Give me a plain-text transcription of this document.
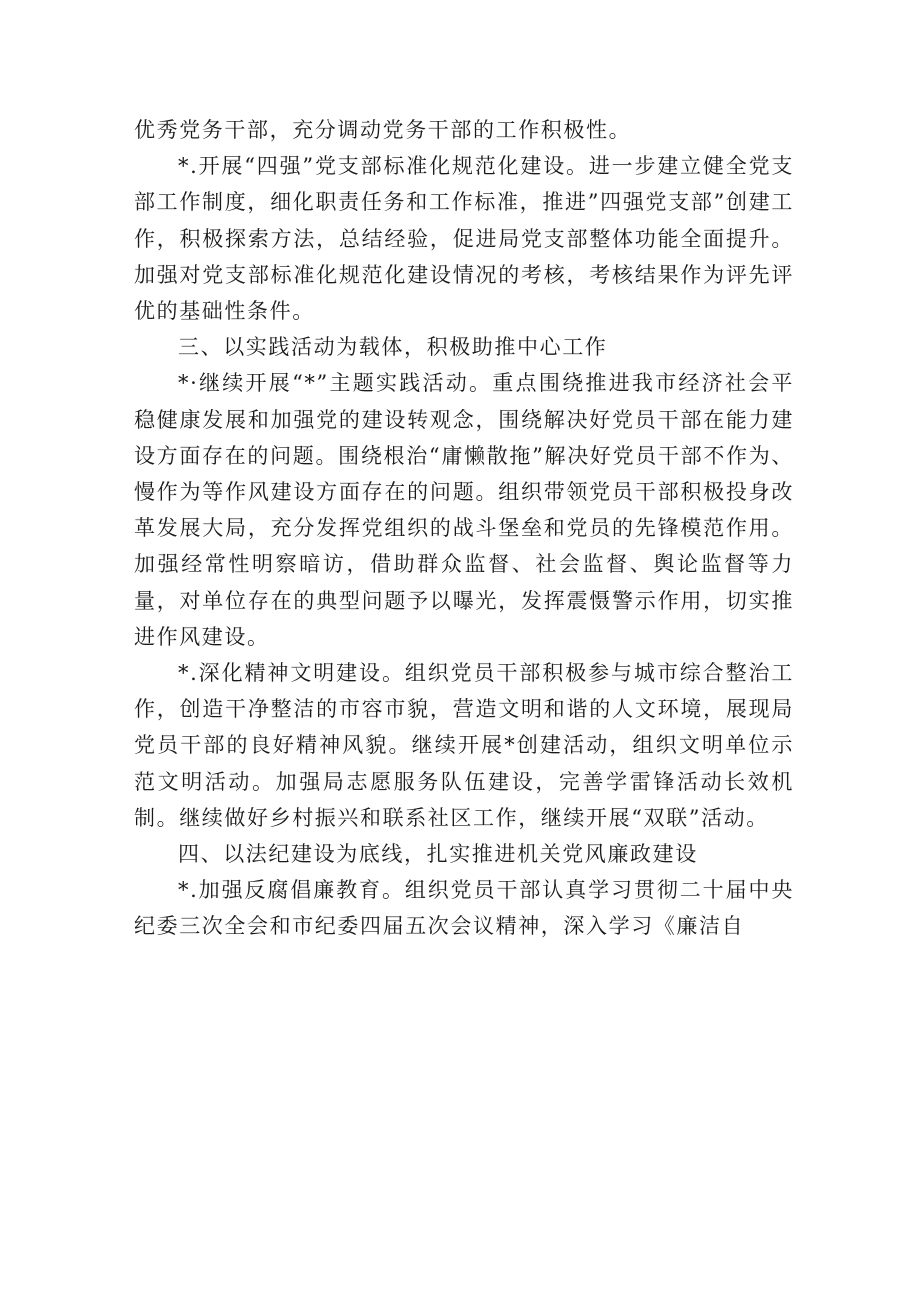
优秀党务干部，充分调动党务干部的工作积极性。

*.开展“四强”党支部标准化规范化建设。进一步建立健全党支部工作制度，细化职责任务和工作标准，推进”四强党支部”创建工作，积极探索方法，总结经验，促进局党支部整体功能全面提升。加强对党支部标准化规范化建设情况的考核，考核结果作为评先评优的基础性条件。

三、以实践活动为载体，积极助推中心工作

*·继续开展“*”主题实践活动。重点围绕推进我市经济社会平稳健康发展和加强党的建设转观念，围绕解决好党员干部在能力建设方面存在的问题。围绕根治“庸懒散拖”解决好党员干部不作为、慢作为等作风建设方面存在的问题。组织带领党员干部积极投身改革发展大局，充分发挥党组织的战斗堡垒和党员的先锋模范作用。加强经常性明察暗访，借助群众监督、社会监督、舆论监督等力量，对单位存在的典型问题予以曝光，发挥震慑警示作用，切实推进作风建设。

*.深化精神文明建设。组织党员干部积极参与城市综合整治工作，创造干净整洁的市容市貌，营造文明和谐的人文环境，展现局党员干部的良好精神风貌。继续开展*创建活动，组织文明单位示范文明活动。加强局志愿服务队伍建设，完善学雷锋活动长效机制。继续做好乡村振兴和联系社区工作，继续开展“双联”活动。

四、以法纪建设为底线，扎实推进机关党风廉政建设

*.加强反腐倡廉教育。组织党员干部认真学习贯彻二十届中央纪委三次全会和市纪委四届五次会议精神，深入学习《廉洁自
